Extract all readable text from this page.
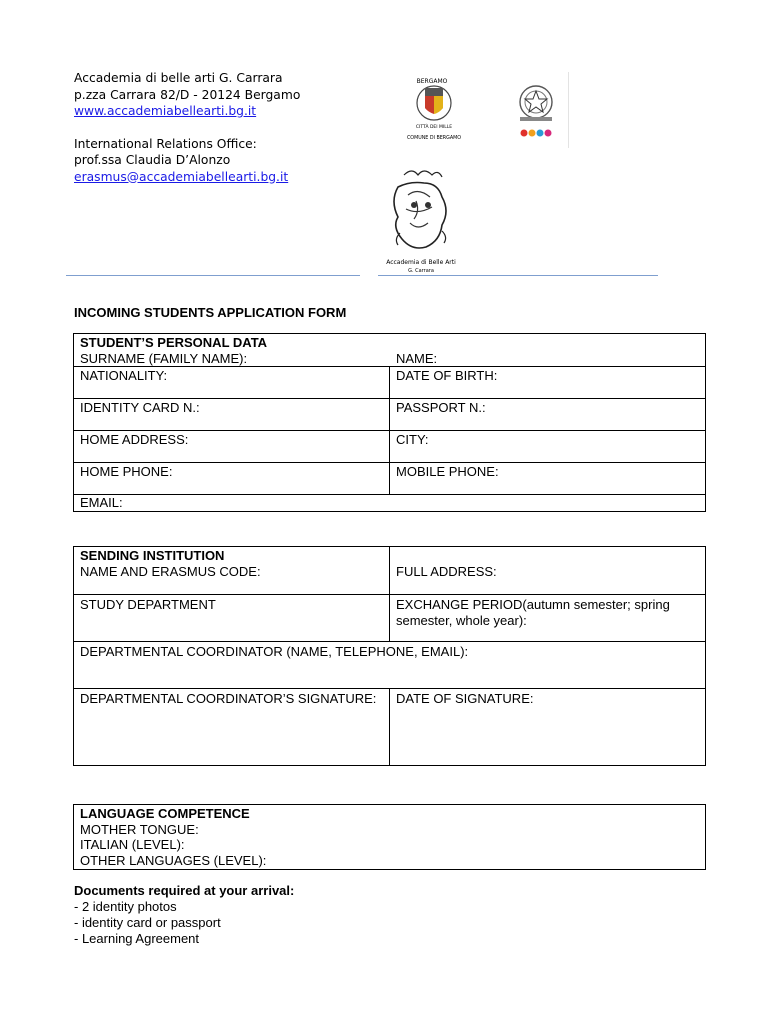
Accademia di belle arti G. Carrara
p.zza Carrara 82/D - 20124 Bergamo
www.accademiabellearti.bg.it
International Relations Office:
prof.ssa Claudia D’Alonzo
erasmus@accademiabellearti.bg.it
BERGAMO
CITTÀ DEI MILLE
COMUNE DI BERGAMO
Accademia di Belle Arti
G. Carrara
INCOMING STUDENTS APPLICATION FORM
STUDENT’S PERSONAL DATA
SURNAME (FAMILY NAME): NAME:	

NATIONALITY:	DATE OF BIRTH:
IDENTITY CARD N.:	PASSPORT N.:
HOME ADDRESS:	CITY:
HOME PHONE:	MOBILE PHONE:
EMAIL:	
SENDING INSTITUTION
NAME AND ERASMUS CODE:	FULL ADDRESS:
STUDY DEPARTMENT	EXCHANGE PERIOD(autumn semester; spring semester, whole year):
DEPARTMENTAL COORDINATOR (NAME, TELEPHONE, EMAIL):	
DEPARTMENTAL COORDINATOR’S SIGNATURE:	DATE OF SIGNATURE:
LANGUAGE COMPETENCE
MOTHER TONGUE:
ITALIAN (LEVEL):
OTHER LANGUAGES (LEVEL):
Documents required at your arrival:
- 2 identity photos
- identity card or passport
- Learning Agreement
